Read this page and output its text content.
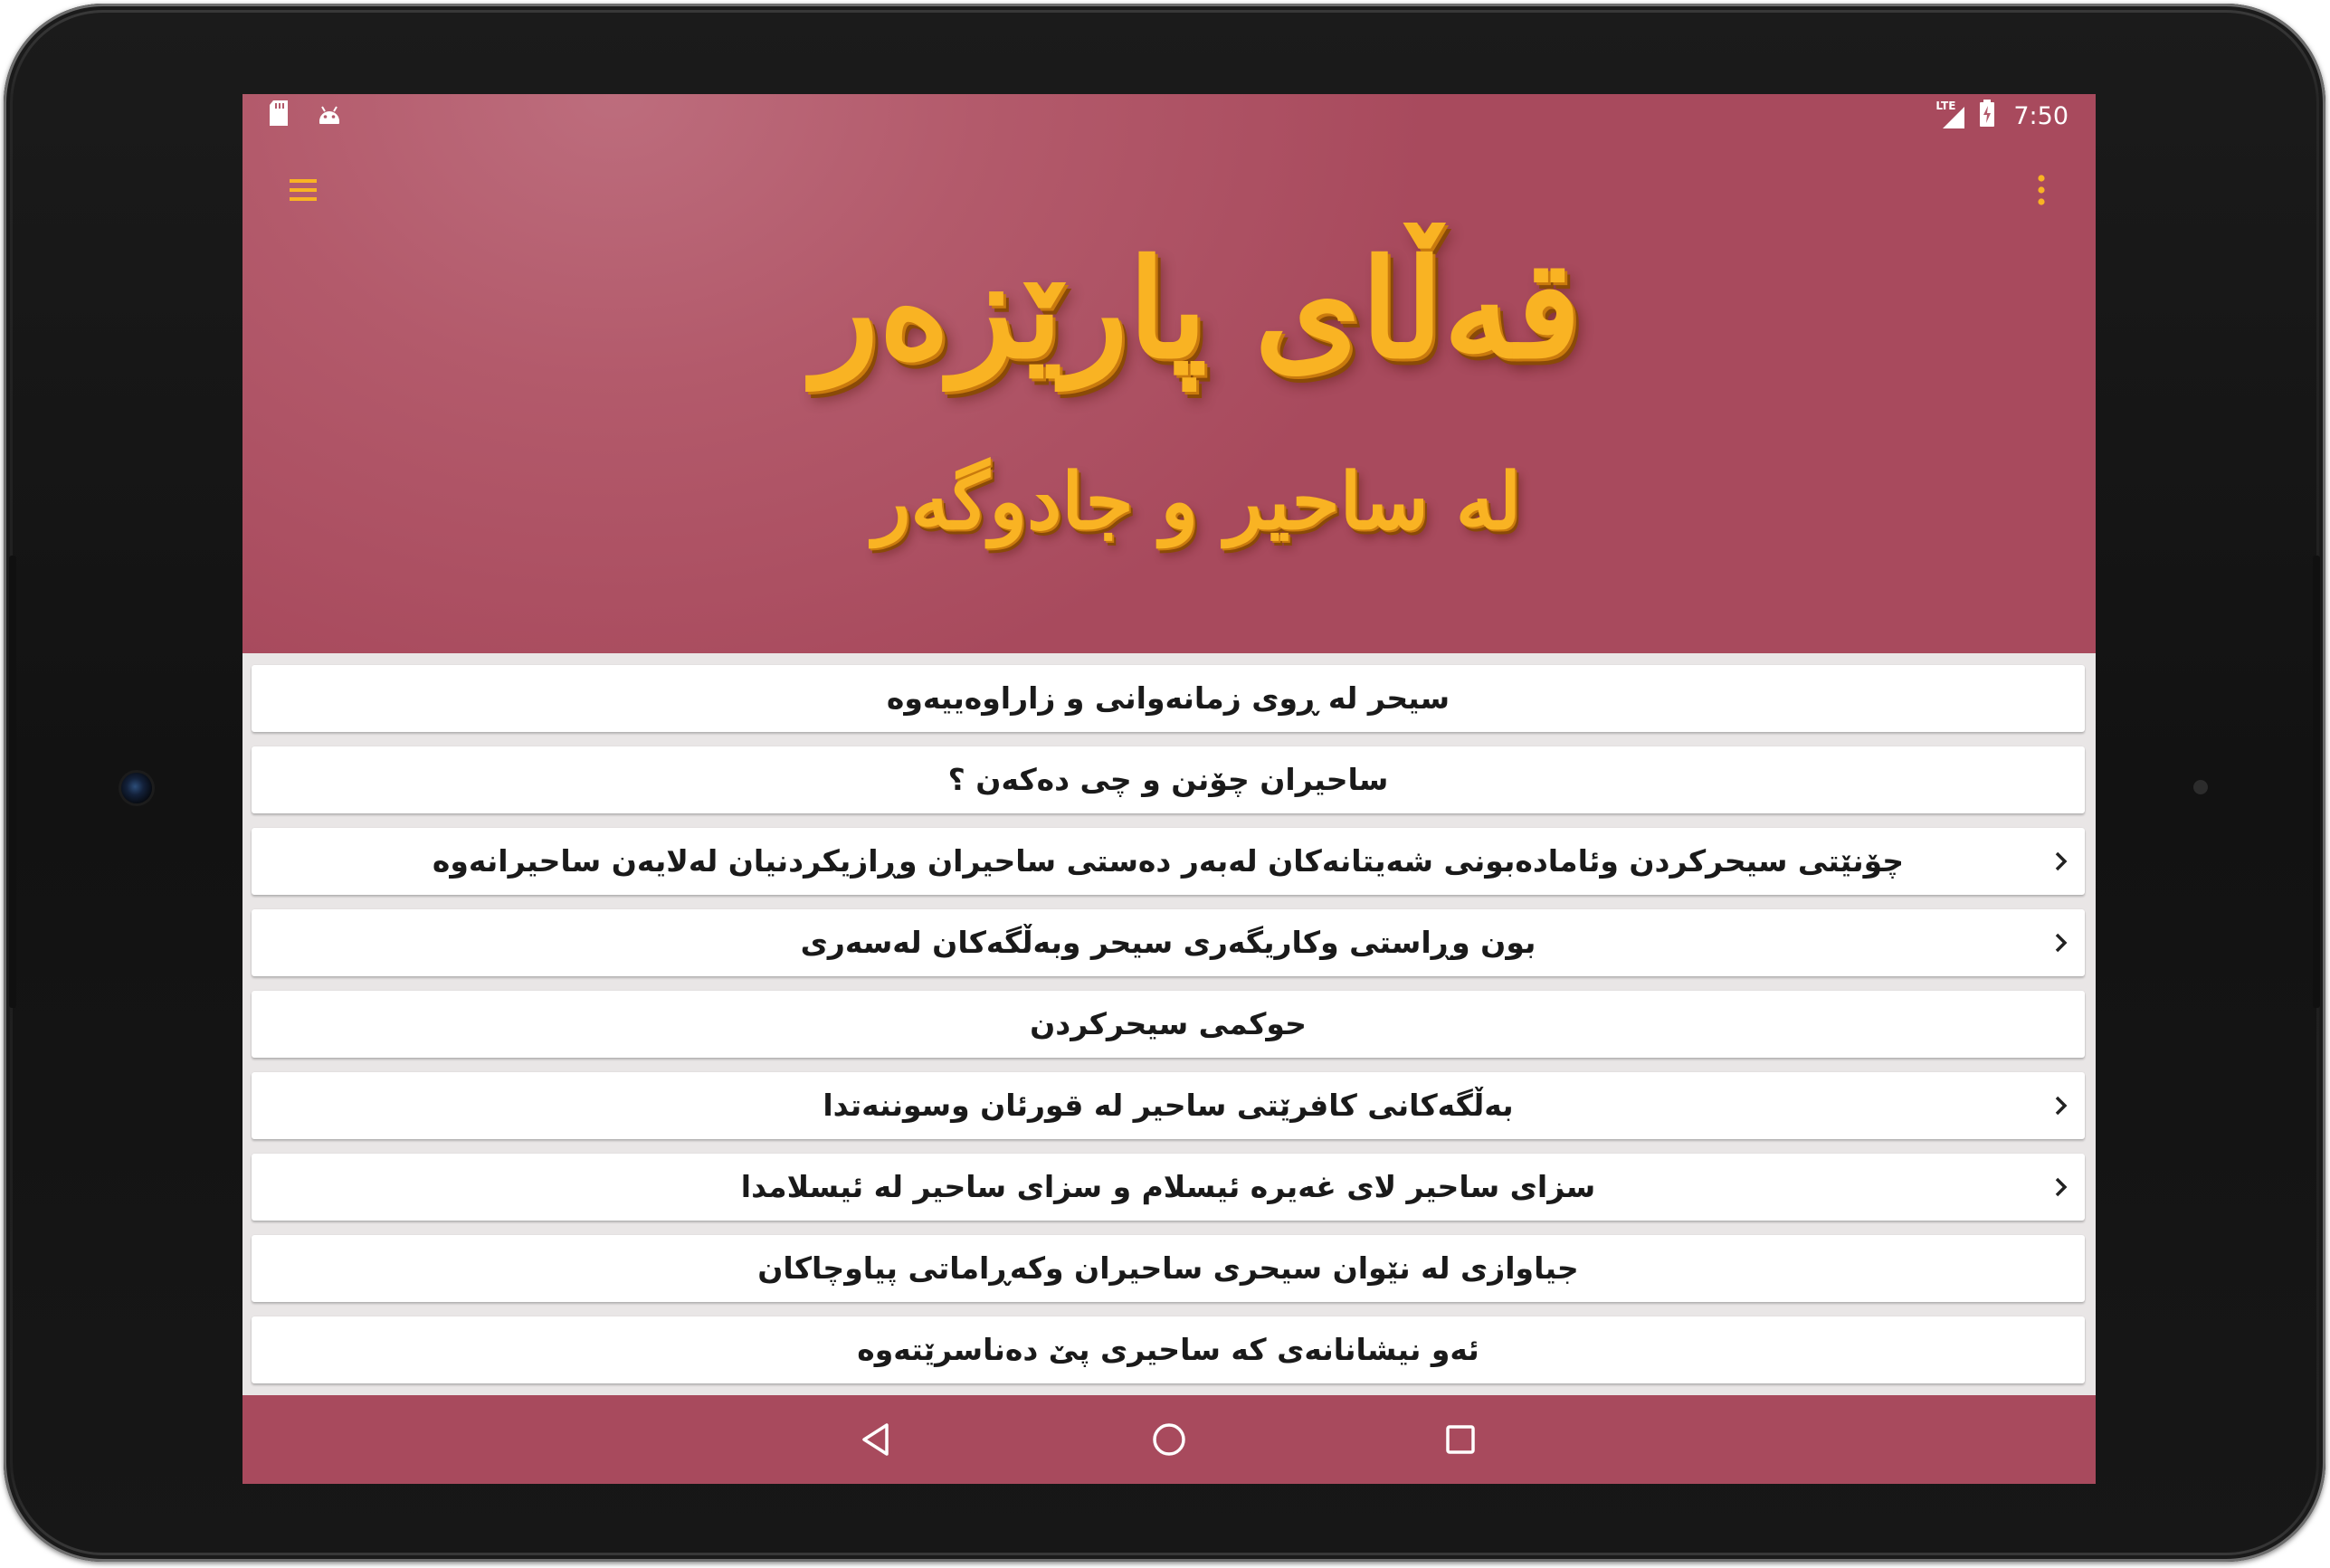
قەڵای پارێزەر
لە ساحیر و جادوگەر
LTE 7:50
سیحر لە ڕوی زمانەوانی و زاراوەییەوە
ساحیران چۆنن و چی دەکەن ؟
چۆنێتی سیحرکردن وئامادەبونی شەیتانەکان لەبەر دەستی ساحیران وڕازیکردنیان لەلایەن ساحیرانەوە
بون وڕاستی وکاریگەری سیحر وبەڵگەکان لەسەری
حوکمی سیحرکردن
بەڵگەکانی کافرێتی ساحیر لە قورئان وسوننەتدا
سزای ساحیر لای غەیرە ئیسلام و سزای ساحیر لە ئیسلامدا
جیاوازی لە نێوان سیحری ساحیران وکەڕاماتی پیاوچاکان
ئەو نیشانانەی کە ساحیری پێ دەناسرێتەوە
